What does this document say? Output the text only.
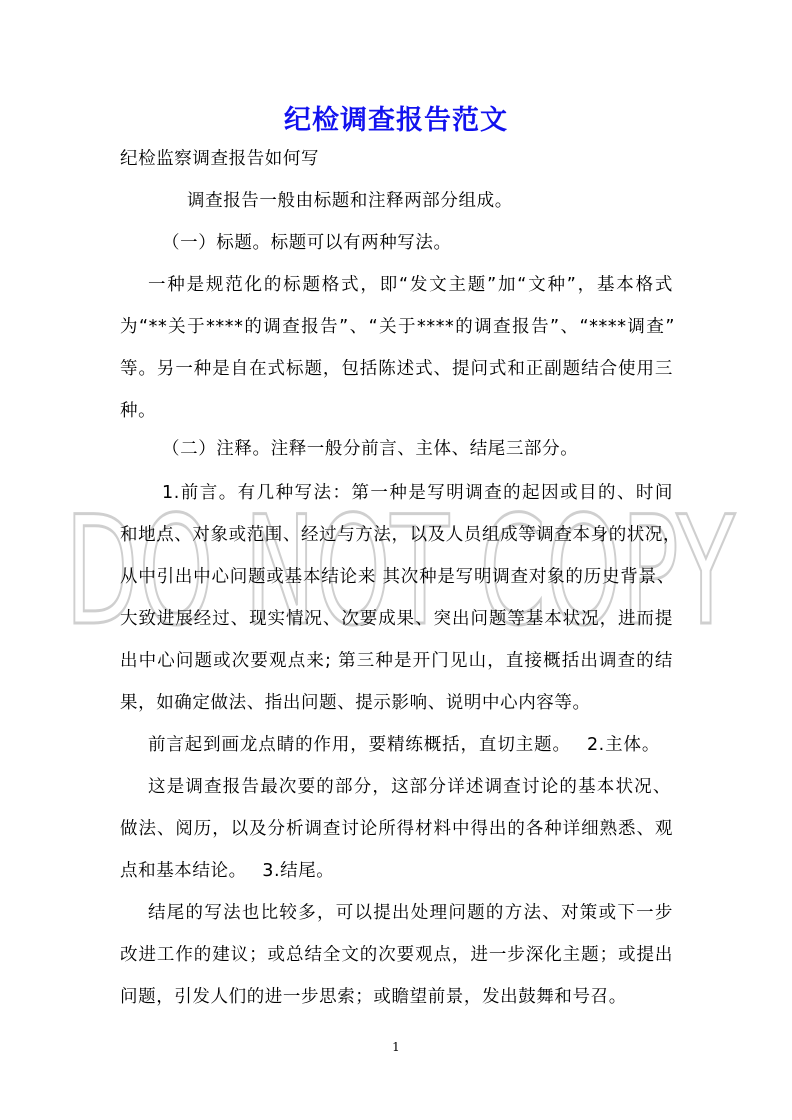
纪检调查报告范文
DO NOT COPY
纪检监察调查报告如何写
调查报告一般由标题和注释两部分组成。
（一）标题。标题可以有两种写法。
一种是规范化的标题格式，即“发文主题”加“文种”，基本格式
为“**关于****的调查报告”、“关于****的调查报告”、“****调查”
等。另一种是自在式标题，包括陈述式、提问式和正副题结合使用三
种。
（二）注释。注释一般分前言、主体、结尾三部分。
1.前言。有几种写法：第一种是写明调查的起因或目的、时间
和地点、对象或范围、经过与方法，以及人员组成等调查本身的状况，
从中引出中心问题或基本结论来 其次种是写明调查对象的历史背景、
大致进展经过、现实情况、次要成果、突出问题等基本状况，进而提
出中心问题或次要观点来; 第三种是开门见山，直接概括出调查的结
果，如确定做法、指出问题、提示影响、说明中心内容等。
前言起到画龙点睛的作用，要精练概括，直切主题。　 2.主体。
这是调查报告最次要的部分，这部分详述调查讨论的基本状况、
做法、阅历，以及分析调查讨论所得材料中得出的各种详细熟悉、观
点和基本结论。　 3.结尾。
结尾的写法也比较多，可以提出处理问题的方法、对策或下一步
改进工作的建议；或总结全文的次要观点，进一步深化主题；或提出
问题，引发人们的进一步思索；或瞻望前景，发出鼓舞和号召。
1
